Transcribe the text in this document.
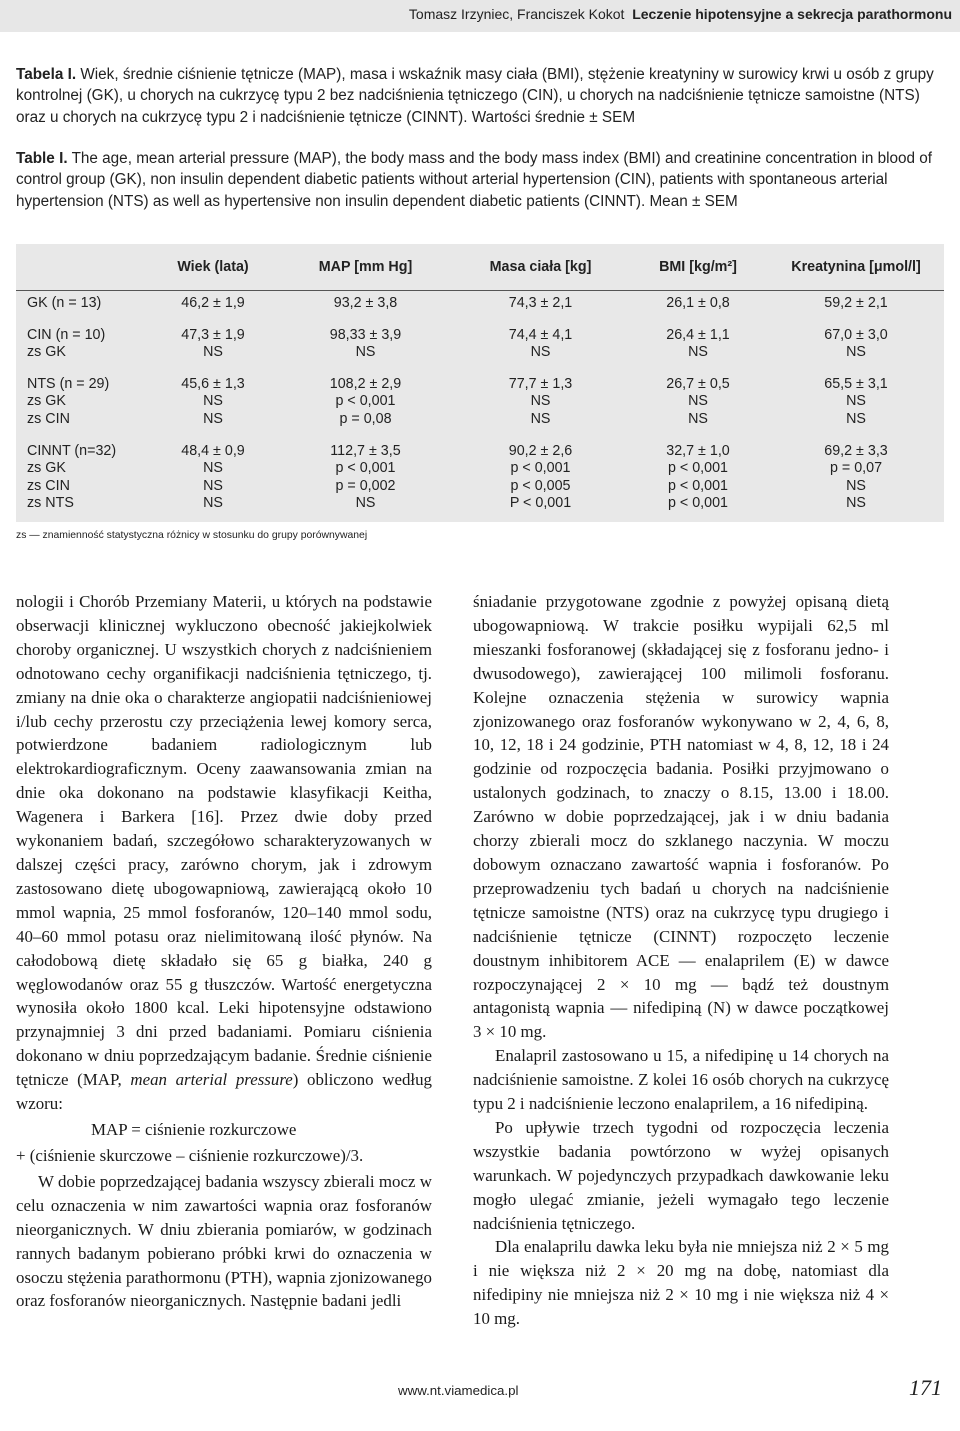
Tomasz Irzyniec, Franciszek Kokot Leczenie hipotensyjne a sekrecja parathormonu
Tabela I. Wiek, średnie ciśnienie tętnicze (MAP), masa i wskaźnik masy ciała (BMI), stężenie kreatyniny w surowicy krwi u osób z grupy kontrolnej (GK), u chorych na cukrzycę typu 2 bez nadciśnienia tętniczego (CIN), u chorych na nadciśnienie tętnicze samoistne (NTS) oraz u chorych na cukrzycę typu 2 i nadciśnienie tętnicze (CINNT). Wartości średnie ± SEM
Table I. The age, mean arterial pressure (MAP), the body mass and the body mass index (BMI) and creatinine concentration in blood of control group (GK), non insulin dependent diabetic patients without arterial hypertension (CIN), patients with spontaneous arterial hypertension (NTS) as well as hypertensive non insulin dependent diabetic patients (CINNT). Mean ± SEM
	Wiek (lata)	MAP [mm Hg]	Masa ciała [kg]	BMI [kg/m²]	Kreatynina [μmol/l]
GK (n = 13)	46,2 ± 1,9	93,2 ± 3,8	74,3 ± 2,1	26,1 ± 0,8	59,2 ± 2,1
CIN (n = 10)	47,3 ± 1,9	98,33 ± 3,9	74,4 ± 4,1	26,4 ± 1,1	67,0 ± 3,0
zs GK	NS	NS	NS	NS	NS
NTS (n = 29)	45,6 ± 1,3	108,2 ± 2,9	77,7 ± 1,3	26,7 ± 0,5	65,5 ± 3,1
zs GK	NS	p < 0,001	NS	NS	NS
zs CIN	NS	p = 0,08	NS	NS	NS
CINNT (n=32)	48,4 ± 0,9	112,7 ± 3,5	90,2 ± 2,6	32,7 ± 1,0	69,2 ± 3,3
zs GK	NS	p < 0,001	p < 0,001	p < 0,001	p = 0,07
zs CIN	NS	p = 0,002	p < 0,005	p < 0,001	NS
zs NTS	NS	NS	P < 0,001	p < 0,001	NS
zs — znamienność statystyczna różnicy w stosunku do grupy porównywanej

nologii i Chorób Przemiany Materii, u których na podstawie obserwacji klinicznej wykluczono obecność jakiejkolwiek choroby organicznej. U wszystkich chorych z nadciśnieniem odnotowano cechy organifikacji nadciśnienia tętniczego, tj. zmiany na dnie oka o charakterze angiopatii nadciśnieniowej i/lub cechy przerostu czy przeciążenia lewej komory serca, potwierdzone badaniem radiologicznym lub elektrokardiograficznym. Oceny zaawansowania zmian na dnie oka dokonano na podstawie klasyfikacji Keitha, Wagenera i Barkera [16]. Przez dwie doby przed wykonaniem badań, szczegółowo scharakteryzowanych w dalszej części pracy, zarówno chorym, jak i zdrowym zastosowano dietę ubogowapniową, zawierającą około 10 mmol wapnia, 25 mmol fosforanów, 120–140 mmol sodu, 40–60 mmol potasu oraz nielimitowaną ilość płynów. Na całodobową dietę składało się 65 g białka, 240 g węglowodanów oraz 55 g tłuszczów. Wartość energetyczna wynosiła około 1800 kcal. Leki hipotensyjne odstawiono przynajmniej 3 dni przed badaniami. Pomiaru ciśnienia dokonano w dniu poprzedzającym badanie. Średnie ciśnienie tętnicze (MAP, mean arterial pressure) obliczono według wzoru:

MAP = ciśnienie rozkurczowe

+ (ciśnienie skurczowe – ciśnienie rozkurczowe)/3.

W dobie poprzedzającej badania wszyscy zbierali mocz w celu oznaczenia w nim zawartości wapnia oraz fosforanów nieorganicznych. W dniu zbierania pomiarów, w godzinach rannych badanym pobierano próbki krwi do oznaczenia w osoczu stężenia parathormonu (PTH), wapnia zjonizowanego oraz fosforanów nieorganicznych. Następnie badani jedli

śniadanie przygotowane zgodnie z powyżej opisaną dietą ubogowapniową. W trakcie posiłku wypijali 62,5 ml mieszanki fosforanowej (składającej się z fosforanu jedno- i dwusodowego), zawierającej 100 milimoli fosforanu. Kolejne oznaczenia stężenia w surowicy wapnia zjonizowanego oraz fosforanów wykonywano w 2, 4, 6, 8, 10, 12, 18 i 24 godzinie, PTH natomiast w 4, 8, 12, 18 i 24 godzinie od rozpoczęcia badania. Posiłki przyjmowano o ustalonych godzinach, to znaczy o 8.15, 13.00 i 18.00. Zarówno w dobie poprzedzającej, jak i w dniu badania chorzy zbierali mocz do szklanego naczynia. W moczu dobowym oznaczano zawartość wapnia i fosforanów. Po przeprowadzeniu tych badań u chorych na nadciśnienie tętnicze samoistne (NTS) oraz na cukrzycę typu drugiego i nadciśnienie tętnicze (CINNT) rozpoczęto leczenie doustnym inhibitorem ACE — enalaprilem (E) w dawce rozpoczynającej 2 × 10 mg — bądź też doustnym antagonistą wapnia — nifedipiną (N) w dawce początkowej 3 × 10 mg.

Enalapril zastosowano u 15, a nifedipinę u 14 chorych na nadciśnienie samoistne. Z kolei 16 osób chorych na cukrzycę typu 2 i nadciśnienie leczono enalaprilem, a 16 nifedipiną.

Po upływie trzech tygodni od rozpoczęcia leczenia wszystkie badania powtórzono w wyżej opisanych warunkach. W pojedynczych przypadkach dawkowanie leku mogło ulegać zmianie, jeżeli wymagało tego leczenie nadciśnienia tętniczego.

Dla enalaprilu dawka leku była nie mniejsza niż 2 × 5 mg i nie większa niż 2 × 20 mg na dobę, natomiast dla nifedipiny nie mniejsza niż 2 × 10 mg i nie większa niż 4 × 10 mg.

www.nt.viamedica.pl	171
